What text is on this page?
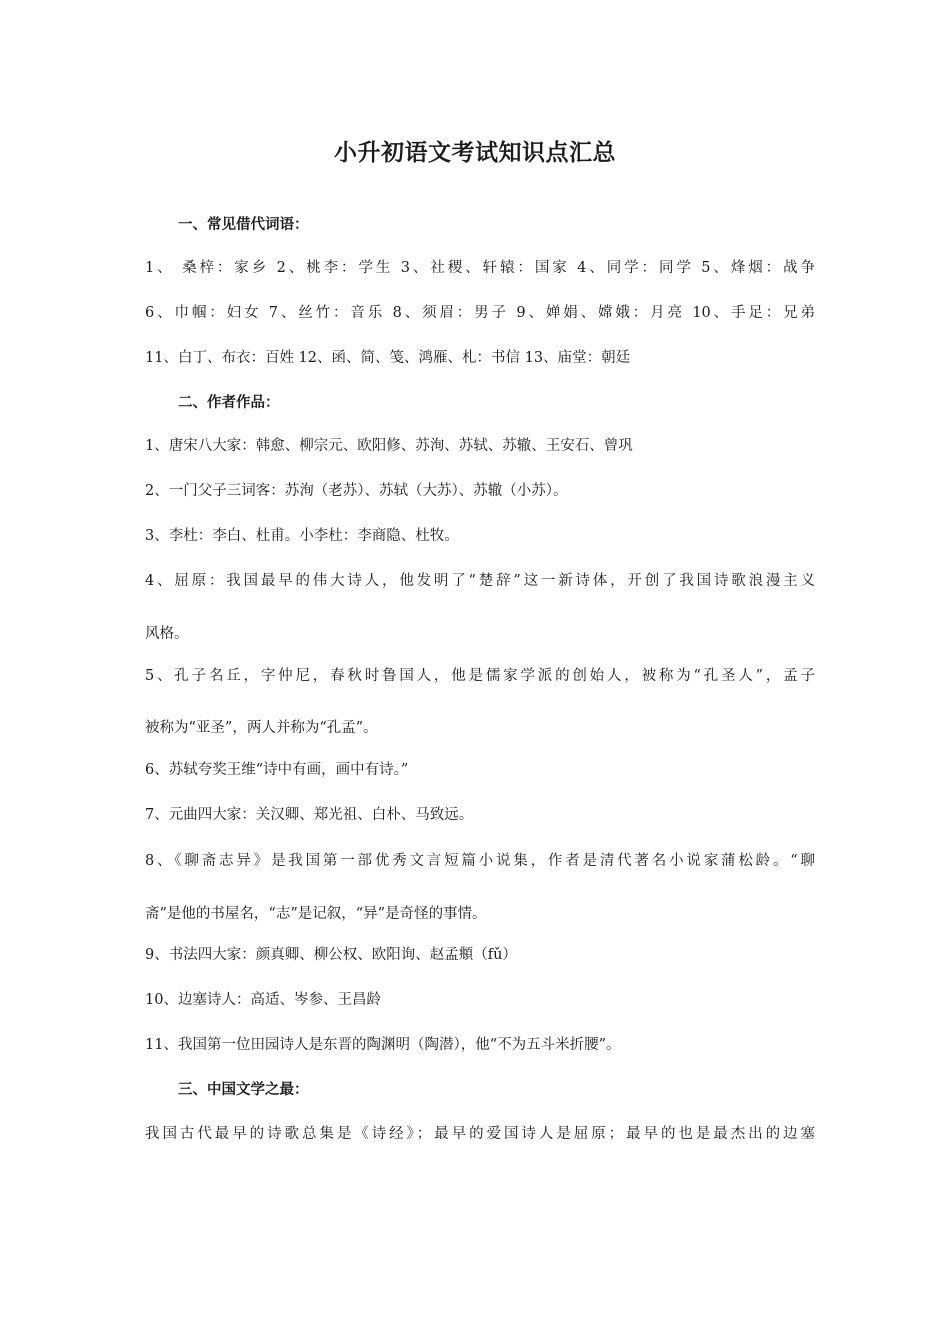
小升初语文考试知识点汇总
一、常见借代词语：
1、 桑梓：家乡 2、桃李：学生 3、社稷、轩辕：国家 4、同学：同学 5、烽烟：战争
6、巾帼：妇女 7、丝竹：音乐 8、须眉：男子 9、婵娟、嫦娥：月亮 10、手足：兄弟
11、白丁、布衣：百姓 12、函、简、笺、鸿雁、札：书信 13、庙堂：朝廷
二、作者作品：
1、唐宋八大家：韩愈、柳宗元、欧阳修、苏洵、苏轼、苏辙、王安石、曾巩
2、一门父子三词客：苏洵（老苏）、苏轼（大苏）、苏辙（小苏）。
3、李杜：李白、杜甫。小李杜：李商隐、杜牧。
4、屈原：我国最早的伟大诗人，他发明了“楚辞”这一新诗体，开创了我国诗歌浪漫主义
风格。
5、孔子名丘，字仲尼，春秋时鲁国人，他是儒家学派的创始人，被称为“孔圣人”，孟子
被称为“亚圣”，两人并称为“孔孟”。
6、苏轼夸奖王维“诗中有画，画中有诗。”
7、元曲四大家：关汉卿、郑光祖、白朴、马致远。
8、《聊斋志异》是我国第一部优秀文言短篇小说集，作者是清代著名小说家蒲松龄。“聊
斋”是他的书屋名，“志”是记叙，“异”是奇怪的事情。
9、书法四大家：颜真卿、柳公权、欧阳询、赵孟頫（fǔ）
10、边塞诗人：高适、岑参、王昌龄
11、我国第一位田园诗人是东晋的陶渊明（陶潜），他“不为五斗米折腰”。
三、中国文学之最：
我国古代最早的诗歌总集是《诗经》；最早的爱国诗人是屈原；最早的也是最杰出的边塞
